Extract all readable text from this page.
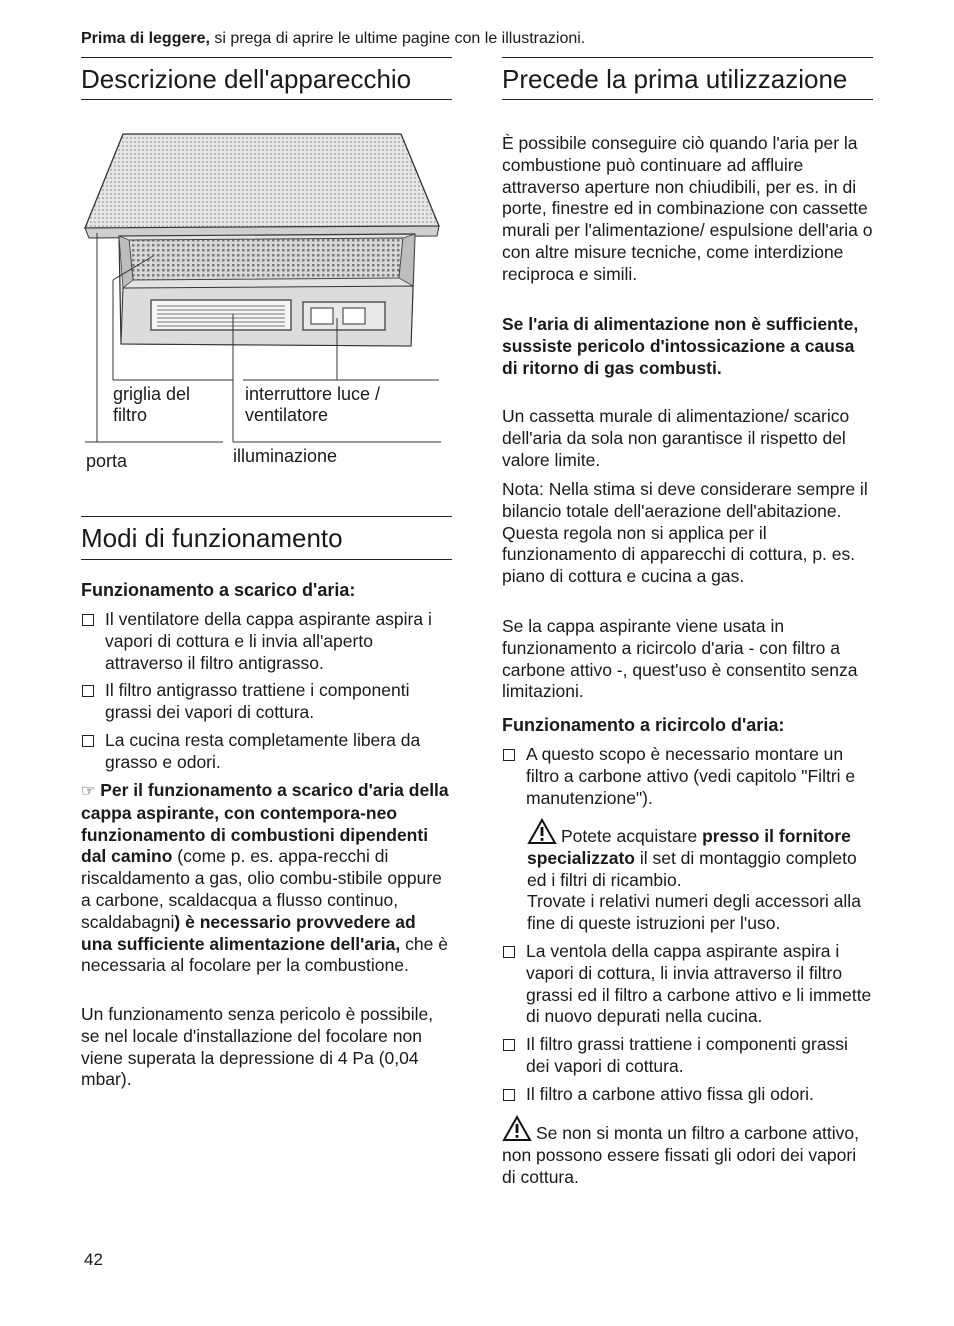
Prima di leggere, si prega di aprire le ultime pagine con le illustrazioni.
Descrizione dell'apparecchio
griglia del
filtro
interruttore luce /
ventilatore
porta	illuminazione
Modi di funzionamento
Funzionamento a scarico d'aria:
Il ventilatore della cappa aspirante aspira i vapori di cottura e li invia all'aperto attraverso il filtro antigrasso.
Il filtro antigrasso trattiene i componenti grassi dei vapori di cottura.
La cucina resta completamente libera da grasso e odori.
☞ Per il funzionamento a scarico d'aria della cappa aspirante, con contempora-neo funzionamento di combustioni dipendenti dal camino (come p. es. appa-recchi di riscaldamento a gas, olio combu-stibile oppure a carbone, scaldacqua a flusso continuo, scaldabagni) è necessario provvedere ad una sufficiente alimentazione dell'aria, che è necessaria al focolare per la combustione.
Un funzionamento senza pericolo è possibile, se nel locale d'installazione del focolare non viene superata la depressione di 4 Pa (0,04 mbar).
Precede la prima utilizzazione
È possibile conseguire ciò quando l'aria per la combustione può continuare ad affluire attraverso aperture non chiudibili, per es. in di porte, finestre ed in combinazione con cassette murali per l'alimentazione/ espulsione dell'aria o con altre misure tecniche, come interdizione reciproca e simili.
Se l'aria di alimentazione non è sufficiente, sussiste pericolo d'intossicazione a causa di ritorno di gas combusti.
Un cassetta murale di alimentazione/ scarico dell'aria da sola non garantisce il rispetto del valore limite.
Nota: Nella stima si deve considerare sempre il bilancio totale dell'aerazione dell'abitazione. Questa regola non si applica per il funzionamento di apparecchi di cottura, p. es. piano di cottura e cucina a gas.
Se la cappa aspirante viene usata in funzionamento a ricircolo d'aria - con filtro a carbone attivo -, quest'uso è consentito senza limitazioni.
Funzionamento a ricircolo d'aria:
A questo scopo è necessario montare un filtro a carbone attivo (vedi capitolo "Filtri e manutenzione").
Potete acquistare presso il fornitore specializzato il set di montaggio completo ed i filtri di ricambio.
Trovate i relativi numeri degli accessori alla fine di queste istruzioni per l'uso.
La ventola della cappa aspirante aspira i vapori di cottura, li invia attraverso il filtro grassi ed il filtro a carbone attivo e li immette di nuovo depurati nella cucina.
Il filtro grassi trattiene i componenti grassi dei vapori di cottura.
Il filtro a carbone attivo fissa gli odori.
Se non si monta un filtro a carbone attivo, non possono essere fissati gli odori dei vapori di cottura.
42
